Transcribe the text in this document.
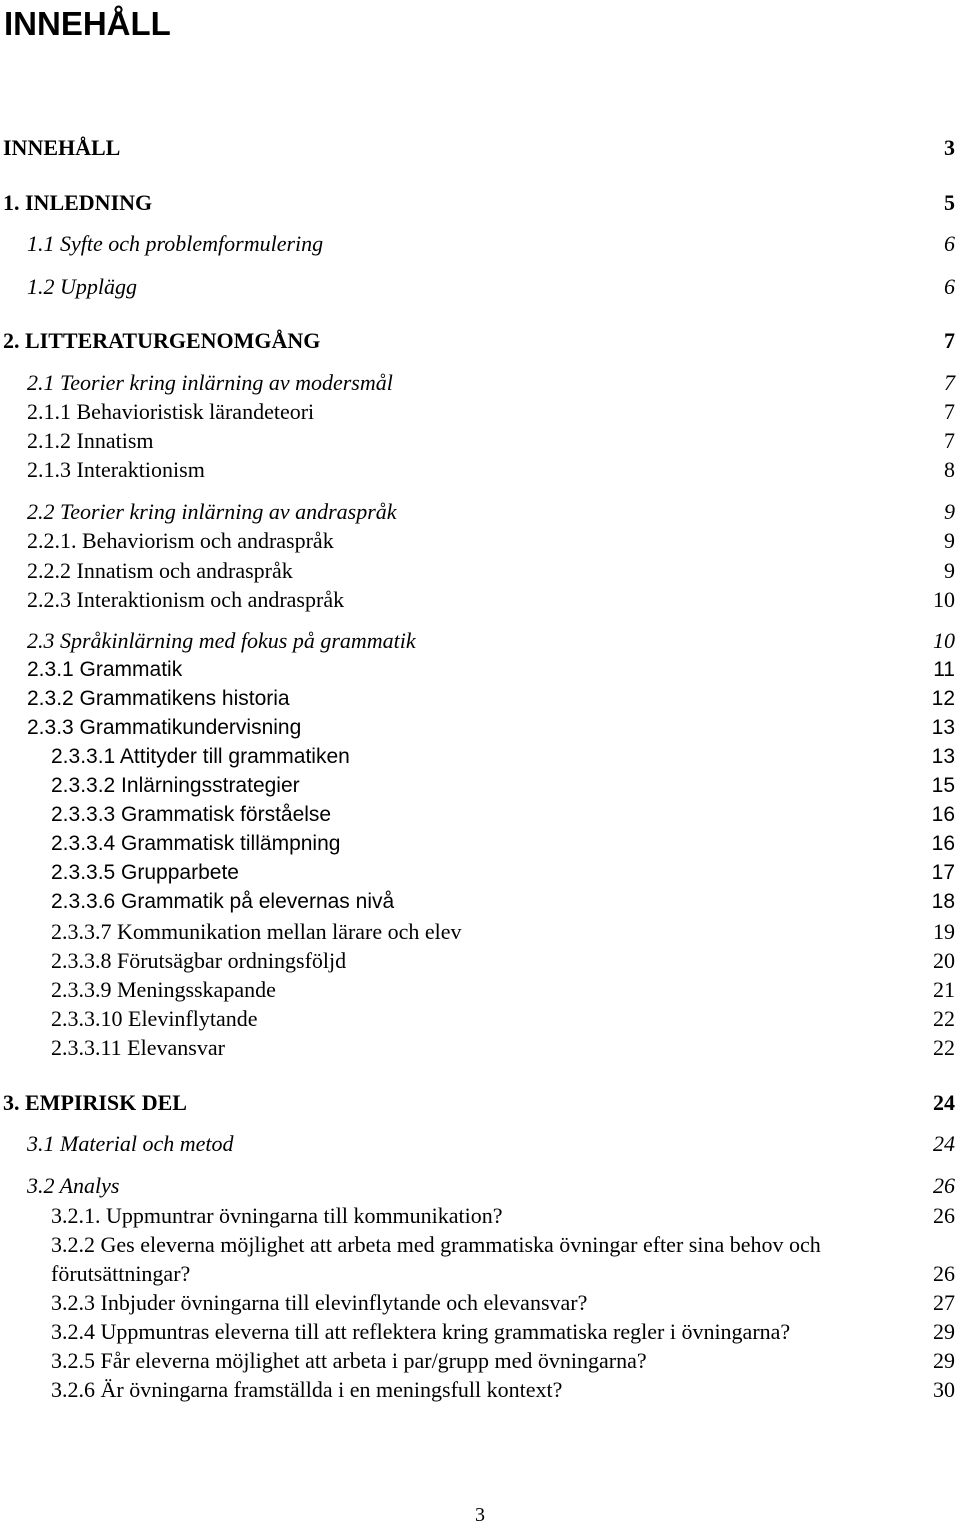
INNEHÅLL
INNEHÅLL	3
1. INLEDNING	5
1.1 Syfte och problemformulering	6
1.2 Upplägg	6
2. LITTERATURGENOMGÅNG	7
2.1 Teorier kring inlärning av modersmål	7
2.1.1 Behavioristisk lärandeteori	7
2.1.2 Innatism	7
2.1.3 Interaktionism	8
2.2 Teorier kring inlärning av andraspråk	9
2.2.1. Behaviorism och andraspråk	9
2.2.2 Innatism och andraspråk	9
2.2.3 Interaktionism och andraspråk	10
2.3 Språkinlärning med fokus på grammatik	10
2.3.1 Grammatik	11
2.3.2 Grammatikens historia	12
2.3.3 Grammatikundervisning	13
2.3.3.1 Attityder till grammatiken	13
2.3.3.2 Inlärningsstrategier	15
2.3.3.3 Grammatisk förståelse	16
2.3.3.4 Grammatisk tillämpning	16
2.3.3.5 Grupparbete	17
2.3.3.6 Grammatik på elevernas nivå	18
2.3.3.7 Kommunikation mellan lärare och elev	19
2.3.3.8 Förutsägbar ordningsföljd	20
2.3.3.9 Meningsskapande	21
2.3.3.10 Elevinflytande	22
2.3.3.11 Elevansvar	22
3. EMPIRISK DEL	24
3.1 Material och metod	24
3.2 Analys	26
3.2.1. Uppmuntrar övningarna till kommunikation?	26
3.2.2 Ges eleverna möjlighet att arbeta med grammatiska övningar efter sina behov och
förutsättningar?	26
3.2.3 Inbjuder övningarna till elevinflytande och elevansvar?	27
3.2.4 Uppmuntras eleverna till att reflektera kring grammatiska regler i övningarna?	29
3.2.5 Får eleverna möjlighet att arbeta i par/grupp med övningarna?	29
3.2.6 Är övningarna framställda i en meningsfull kontext?	30
3
